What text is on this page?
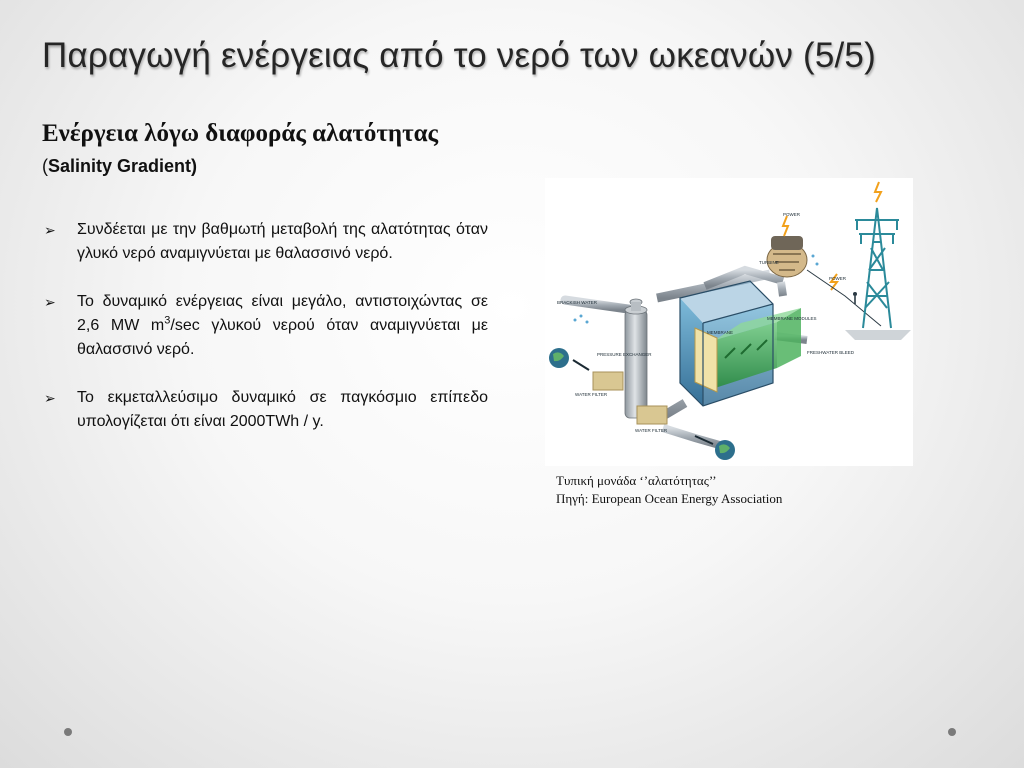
Παραγωγή ενέργειας από το νερό των ωκεανών (5/5)
Ενέργεια λόγω διαφοράς αλατότητας
(Salinity Gradient)
➢ Συνδέεται με την βαθμωτή μεταβολή της αλατότητας όταν γλυκό νερό αναμιγνύεται με θαλασσινό νερό.
➢ Το δυναμικό ενέργειας είναι μεγάλο, αντιστοιχώντας σε 2,6 MW $m^3/\sec$ γλυκού νερού όταν αναμιγνύεται με θαλασσινό νερό.
➢ Το εκμεταλλεύσιμο δυναμικό σε παγκόσμιο επίπεδο υπολογίζεται ότι είναι 2000TWh / y.
POWER
TURBINE
POWER
BRACKISH WATER
MEMBRANE MODULES
MEMBRANE
PRESSURE EXCHANGER	FRESHWATER BLEED
WATER FILTER
WATER FILTER
Τυπική μονάδα ‘’αλατότητας’’
Πηγή: European Ocean Energy Association
